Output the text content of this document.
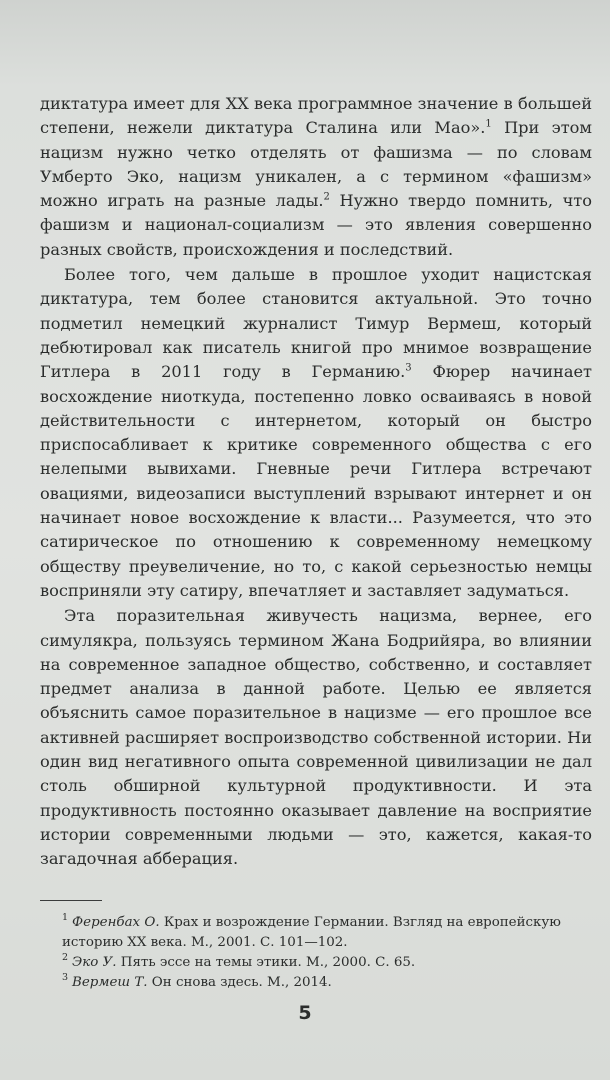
диктатура имеет для XX века программное значение в большей степени, нежели диктатура Сталина или Мао».$^1$ При этом нацизм нужно четко отделять от фашизма — по словам Умберто Эко, нацизм уникален, а с термином «фашизм» можно играть на разные лады.$^2$ Нужно твердо помнить, что фашизм и национал-социализм — это явления совершенно разных свойств, происхождения и последствий.

Более того, чем дальше в прошлое уходит нацистская диктатура, тем более становится актуальной. Это точно подметил немецкий журналист Тимур Вермеш, который дебютировал как писатель книгой про мнимое возвращение Гитлера в 2011 году в Германию.$^3$ Фюрер начинает восхождение ниоткуда, постепенно ловко осваиваясь в новой действительности с интернетом, который он быстро приспосабливает к критике современного общества с его нелепыми вывихами. Гневные речи Гитлера встречают овациями, видеозаписи выступлений взрывают интернет и он начинает новое восхождение к власти... Разумеется, что это сатирическое по отношению к современному немецкому обществу преувеличение, но то, с какой серьезностью немцы восприняли эту сатиру, впечатляет и заставляет задуматься.

Эта поразительная живучесть нацизма, вернее, его симулякра, пользуясь термином Жана Бодрийяра, во влиянии на современное западное общество, собственно, и составляет предмет анализа в данной работе. Целью ее является объяснить самое поразительное в нацизме — его прошлое все активней расширяет воспроизводство собственной истории. Ни один вид негативного опыта современной цивилизации не дал столь обширной культурной продуктивности. И эта продуктивность постоянно оказывает давление на восприятие истории современными людьми — это, кажется, какая-то загадочная абберация.

$^1$ Ференбах О. Крах и возрождение Германии. Взгляд на европейскую историю XX века. М., 2001. С. 101—102.

$^2$ Эко У. Пять эссе на темы этики. М., 2000. С. 65.

$^3$ Вермеш Т. Он снова здесь. М., 2014.

5
